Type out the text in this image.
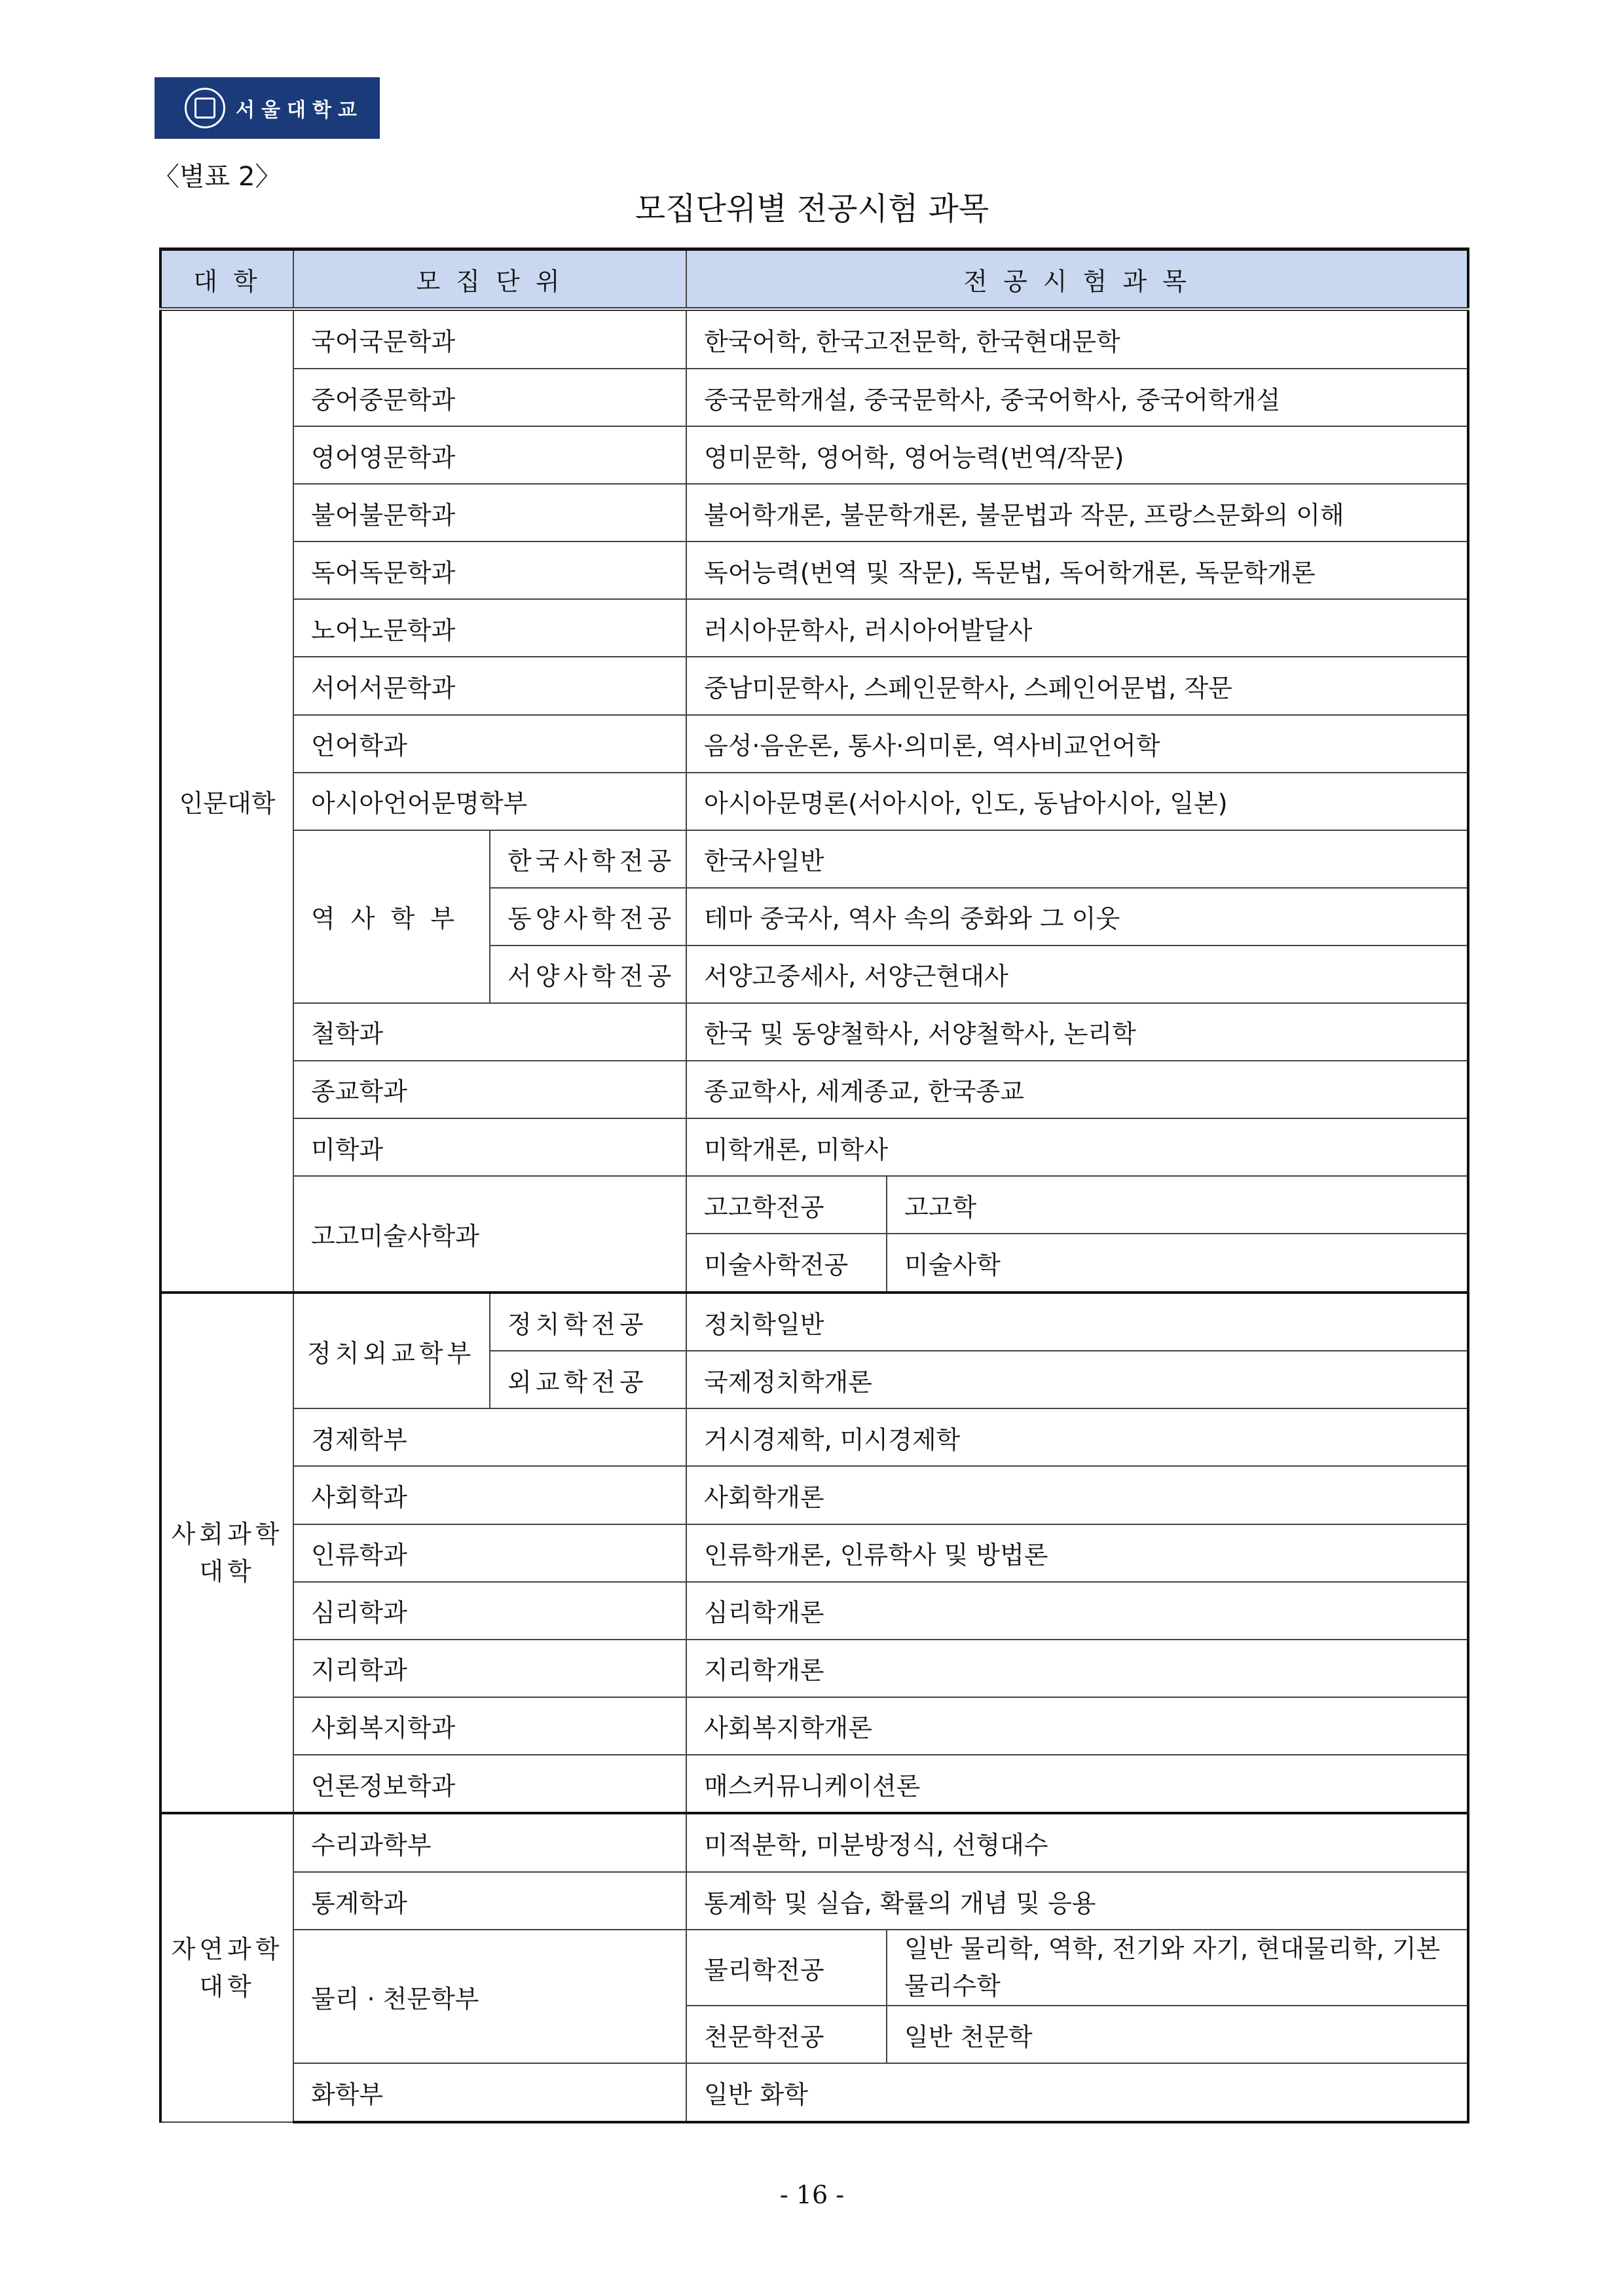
서울대학교
〈별표 2〉
모집단위별 전공시험 과목
대 학	모 집 단 위		전 공 시 험 과 목	
인문대학	국어국문학과		한국어학, 한국고전문학, 한국현대문학	
	중어중문학과		중국문학개설, 중국문학사, 중국어학사, 중국어학개설	
	영어영문학과		영미문학, 영어학, 영어능력(번역/작문)	
	불어불문학과		불어학개론, 불문학개론, 불문법과 작문, 프랑스문화의 이해	
	독어독문학과		독어능력(번역 및 작문), 독문법, 독어학개론, 독문학개론	
	노어노문학과		러시아문학사, 러시아어발달사	
	서어서문학과		중남미문학사, 스페인문학사, 스페인어문법, 작문	
	언어학과		음성·음운론, 통사·의미론, 역사비교언어학	
	아시아언어문명학부		아시아문명론(서아시아, 인도, 동남아시아, 일본)	
	역 사 학 부	한국사학전공	한국사일반	
		동양사학전공	테마 중국사, 역사 속의 중화와 그 이웃	
		서양사학전공	서양고중세사, 서양근현대사	
	철학과		한국 및 동양철학사, 서양철학사, 논리학	
	종교학과		종교학사, 세계종교, 한국종교	
	미학과		미학개론, 미학사	
	고고미술사학과		고고학전공	고고학
			미술사학전공	미술사학
사회과학대학	정치외교학부	정치학전공	정치학일반	
		외교학전공	국제정치학개론	
	경제학부		거시경제학, 미시경제학	
	사회학과		사회학개론	
	인류학과		인류학개론, 인류학사 및 방법론	
	심리학과		심리학개론	
	지리학과		지리학개론	
	사회복지학과		사회복지학개론	
	언론정보학과		매스커뮤니케이션론	
자연과학대학	수리과학부		미적분학, 미분방정식, 선형대수	
	통계학과		통계학 및 실습, 확률의 개념 및 응용	
	물리 · 천문학부		물리학전공	일반 물리학, 역학, 전기와 자기, 현대물리학, 기본 물리수학
			천문학전공	일반 천문학
	화학부		일반 화학	
- 16 -
